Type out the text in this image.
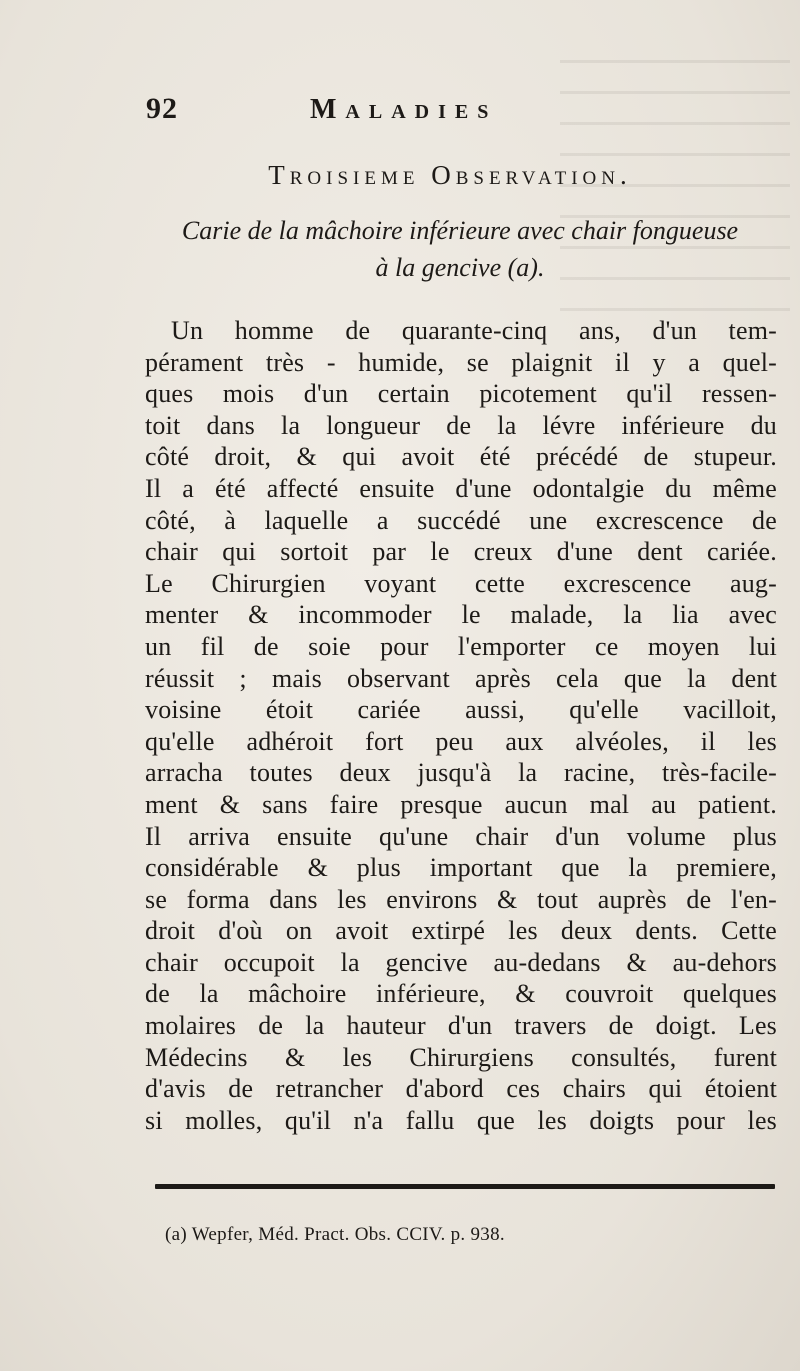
92	Maladies
Troisieme Observation.
Carie de la mâchoire inférieure avec chair fongueuse
à la gencive (a).
Un homme de quarante-cinq ans, d'un tem-
pérament très - humide, se plaignit il y a quel-
ques mois d'un certain picotement qu'il ressen-
toit dans la longueur de la lévre inférieure du
côté droit, & qui avoit été précédé de stupeur.
Il a été affecté ensuite d'une odontalgie du même
côté, à laquelle a succédé une excrescence de
chair qui sortoit par le creux d'une dent cariée.
Le Chirurgien voyant cette excrescence aug-
menter & incommoder le malade, la lia avec
un fil de soie pour l'emporter ce moyen lui
réussit ; mais observant après cela que la dent
voisine étoit cariée aussi, qu'elle vacilloit,
qu'elle adhéroit fort peu aux alvéoles, il les
arracha toutes deux jusqu'à la racine, très-facile-
ment & sans faire presque aucun mal au patient.
Il arriva ensuite qu'une chair d'un volume plus
considérable & plus important que la premiere,
se forma dans les environs & tout auprès de l'en-
droit d'où on avoit extirpé les deux dents. Cette
chair occupoit la gencive au-dedans & au-dehors
de la mâchoire inférieure, & couvroit quelques
molaires de la hauteur d'un travers de doigt. Les
Médecins & les Chirurgiens consultés, furent
d'avis de retrancher d'abord ces chairs qui étoient
si molles, qu'il n'a fallu que les doigts pour les
(a) Wepfer, Méd. Pract. Obs. CCIV. p. 938.
